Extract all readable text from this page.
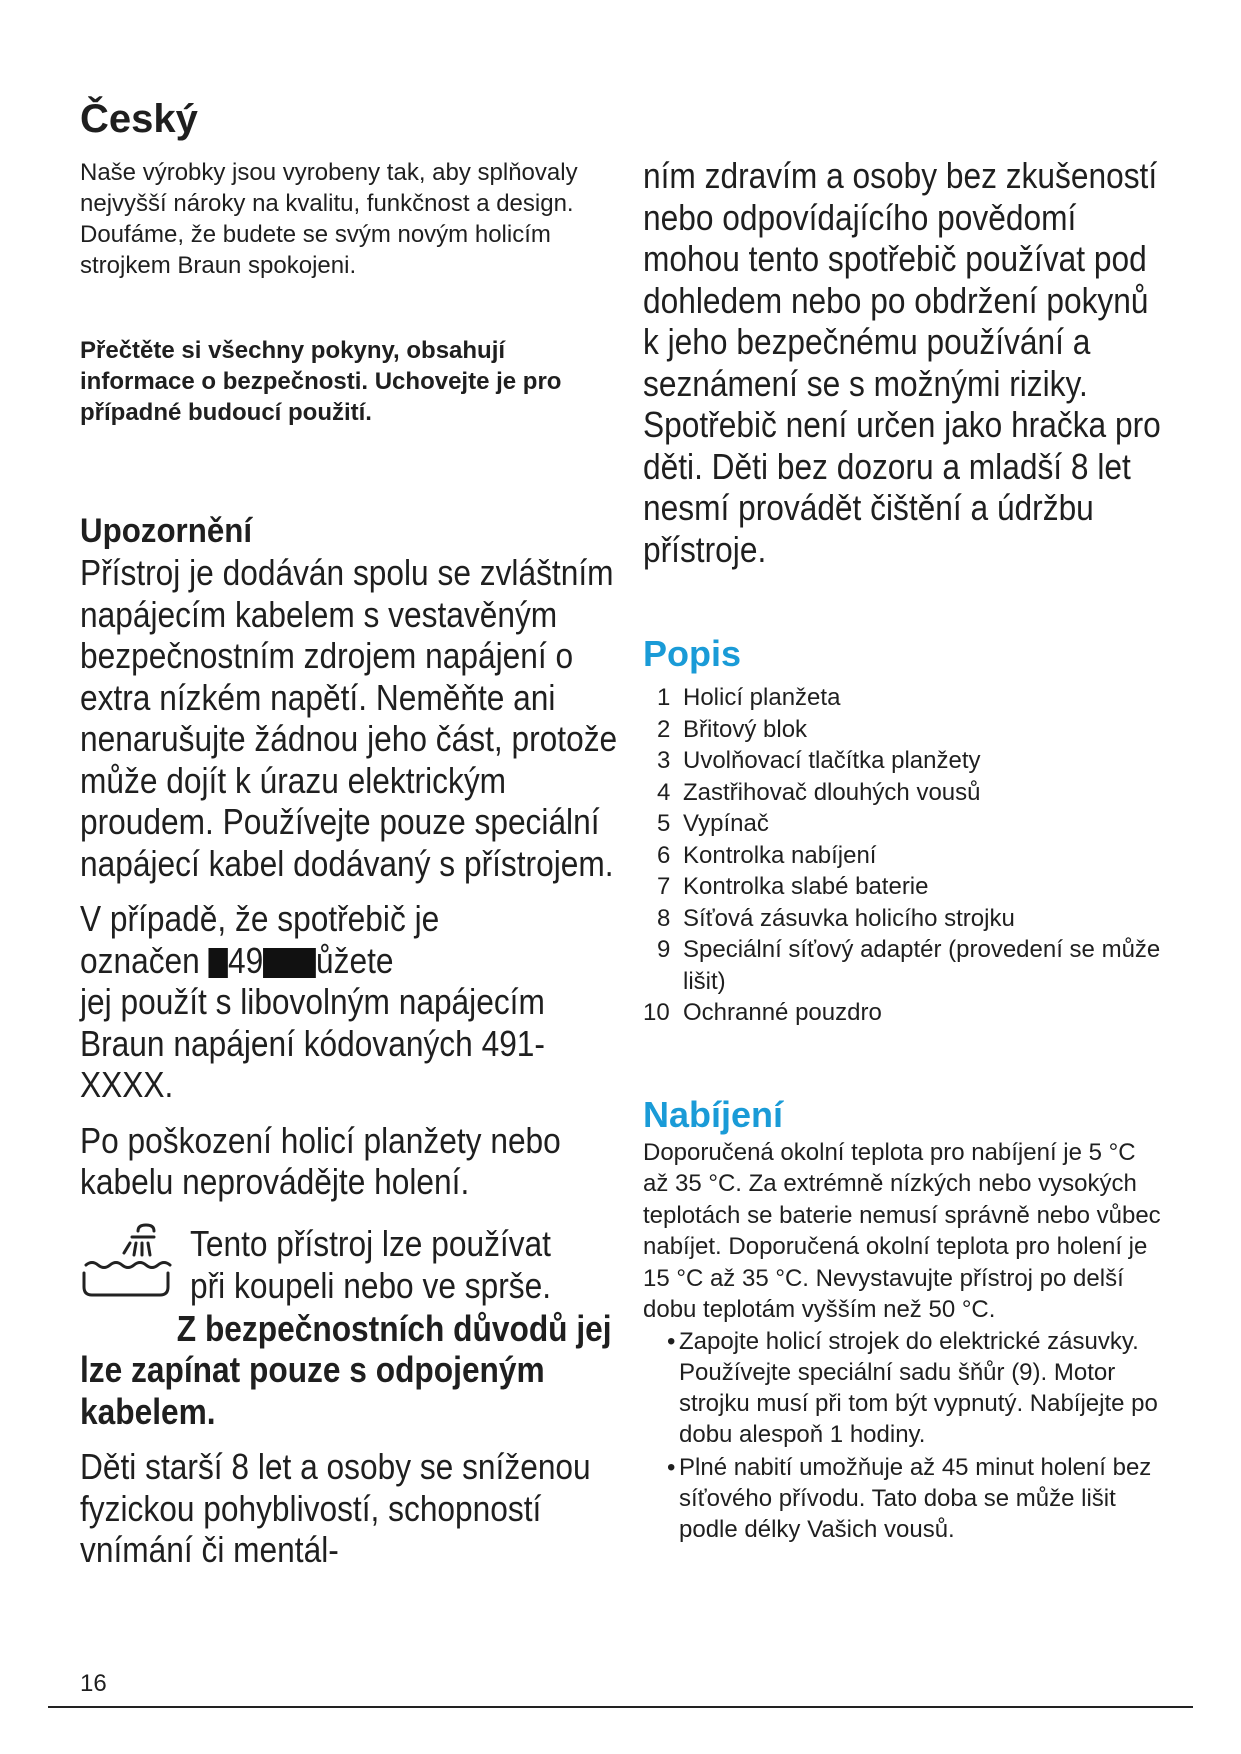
Český

Naše výrobky jsou vyrobeny tak, aby splňovaly nejvyšší nároky na kvalitu, funkčnost a design. Doufáme, že budete se svým novým holicím strojkem Braun spokojeni.

Přečtěte si všechny pokyny, obsahují informace o bezpečnosti. Uchovejte je pro případné budoucí použití.

Upozornění

Přístroj je dodáván spolu se zvláštním napájecím kabelem s vestavěným bezpečnostním zdrojem napájení o extra nízkém napětí. Neměňte ani nenarušujte žádnou jeho část, protože může dojít k úrazu elektrickým proudem. Používejte pouze speciální napájecí kabel dodávaný s přístrojem.

V případě, že spotřebič je
označen 49 ůžete
jej použít s libovolným napájecím Braun napájení kódovaných 491-XXXX.

Po poškození holicí planžety nebo kabelu neprovádějte holení.

Tento přístroj lze používat
při koupeli nebo ve sprše.

Z bezpečnostních důvodů jej lze zapínat pouze s odpojeným kabelem.

Děti starší 8 let a osoby se sníženou fyzickou pohyblivostí, schopností vnímání či mentál-

ním zdravím a osoby bez zkušeností nebo odpovídajícího povědomí mohou tento spotřebič používat pod dohledem nebo po obdržení pokynů k jeho bezpečnému používání a seznámení se s možnými riziky. Spotřebič není určen jako hračka pro děti. Děti bez dozoru a mladší 8 let nesmí provádět čištění a údržbu přístroje.

Popis
1 Holicí planžeta
2 Břitový blok
3 Uvolňovací tlačítka planžety
4 Zastřihovač dlouhých vousů
5 Vypínač
6 Kontrolka nabíjení
7 Kontrolka slabé baterie
8 Síťová zásuvka holicího strojku
9 Speciální síťový adaptér (provedení se může lišit)
10 Ochranné pouzdro
Nabíjení

Doporučená okolní teplota pro nabíjení je 5 °C až 35 °C. Za extrémně nízkých nebo vysokých teplotách se baterie nemusí správně nebo vůbec nabíjet. Doporučená okolní teplota pro holení je 15 °C až 35 °C. Nevystavujte přístroj po delší dobu teplotám vyšším než 50 °C.

• Zapojte holicí strojek do elektrické zásuvky. Používejte speciální sadu šňůr (9). Motor strojku musí při tom být vypnutý. Nabíjejte po dobu alespoň 1 hodiny.
• Plné nabití umožňuje až 45 minut holení bez síťového přívodu. Tato doba se může lišit podle délky Vašich vousů.
16
